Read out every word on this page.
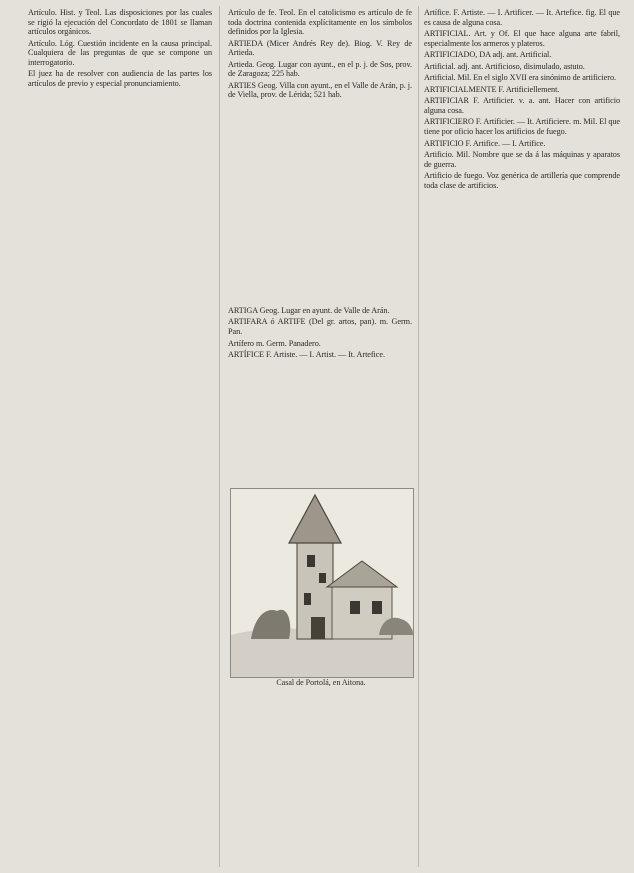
Artículo. Hist. y Teol. Las disposiciones por las cuales se rigió la ejecución del Concordato de 1801 se llaman artículos orgánicos.

Artículo. Lóg. Cuestión incidente en la causa principal. Cualquiera de las preguntas de que se compone un interrogatorio.

El juez ha de resolver con audiencia de las partes los artículos de previo y especial pronunciamiento.

Artículo de fe. Teol. En el catolicismo es artículo de fe toda doctrina contenida explícitamente en los símbolos definidos por la Iglesia.

ARTIEDA (Micer Andrés Rey de). Biog. V. Rey de Artieda.

Artieda. Geog. Lugar con ayunt., en el p. j. de Sos, prov. de Zaragoza; 225 hab.

ARTIES Geog. Villa con ayunt., en el Valle de Arán, p. j. de Viella, prov. de Lérida; 521 hab.

ARTIGA Geog. Lugar en ayunt. de Valle de Arán.

ARTIFARA ó ARTIFE (Del gr. artos, pan). m. Germ. Pan.

Artífero m. Germ. Panadero.

ARTÍFICE F. Artiste. — I. Artist. — It. Artefice.

Artífice. F. Artiste. — I. Artificer. — It. Artefice. fig. El que es causa de alguna cosa.

ARTIFICIAL. Art. y Of. El que hace alguna arte fabril, especialmente los armeros y plateros.

ARTIFICIADO, DA adj. ant. Artificial.

Artificial. adj. ant. Artificioso, disimulado, astuto.

Artificial. Mil. En el siglo XVII era sinónimo de artificiero.

ARTIFICIALMENTE F. Artificiellement.

ARTIFICIAR F. Artificier. v. a. ant. Hacer con artificio alguna cosa.

ARTIFICIERO F. Artificier. — It. Artificiere. m. Mil. El que tiene por oficio hacer los artificios de fuego.

ARTIFICIO F. Artifice. — I. Artifice.

Artificio. Mil. Nombre que se da á las máquinas y aparatos de guerra.

Artificio de fuego. Voz genérica de artillería que comprende toda clase de artificios.

Casal de Portolá, en Aitona.
